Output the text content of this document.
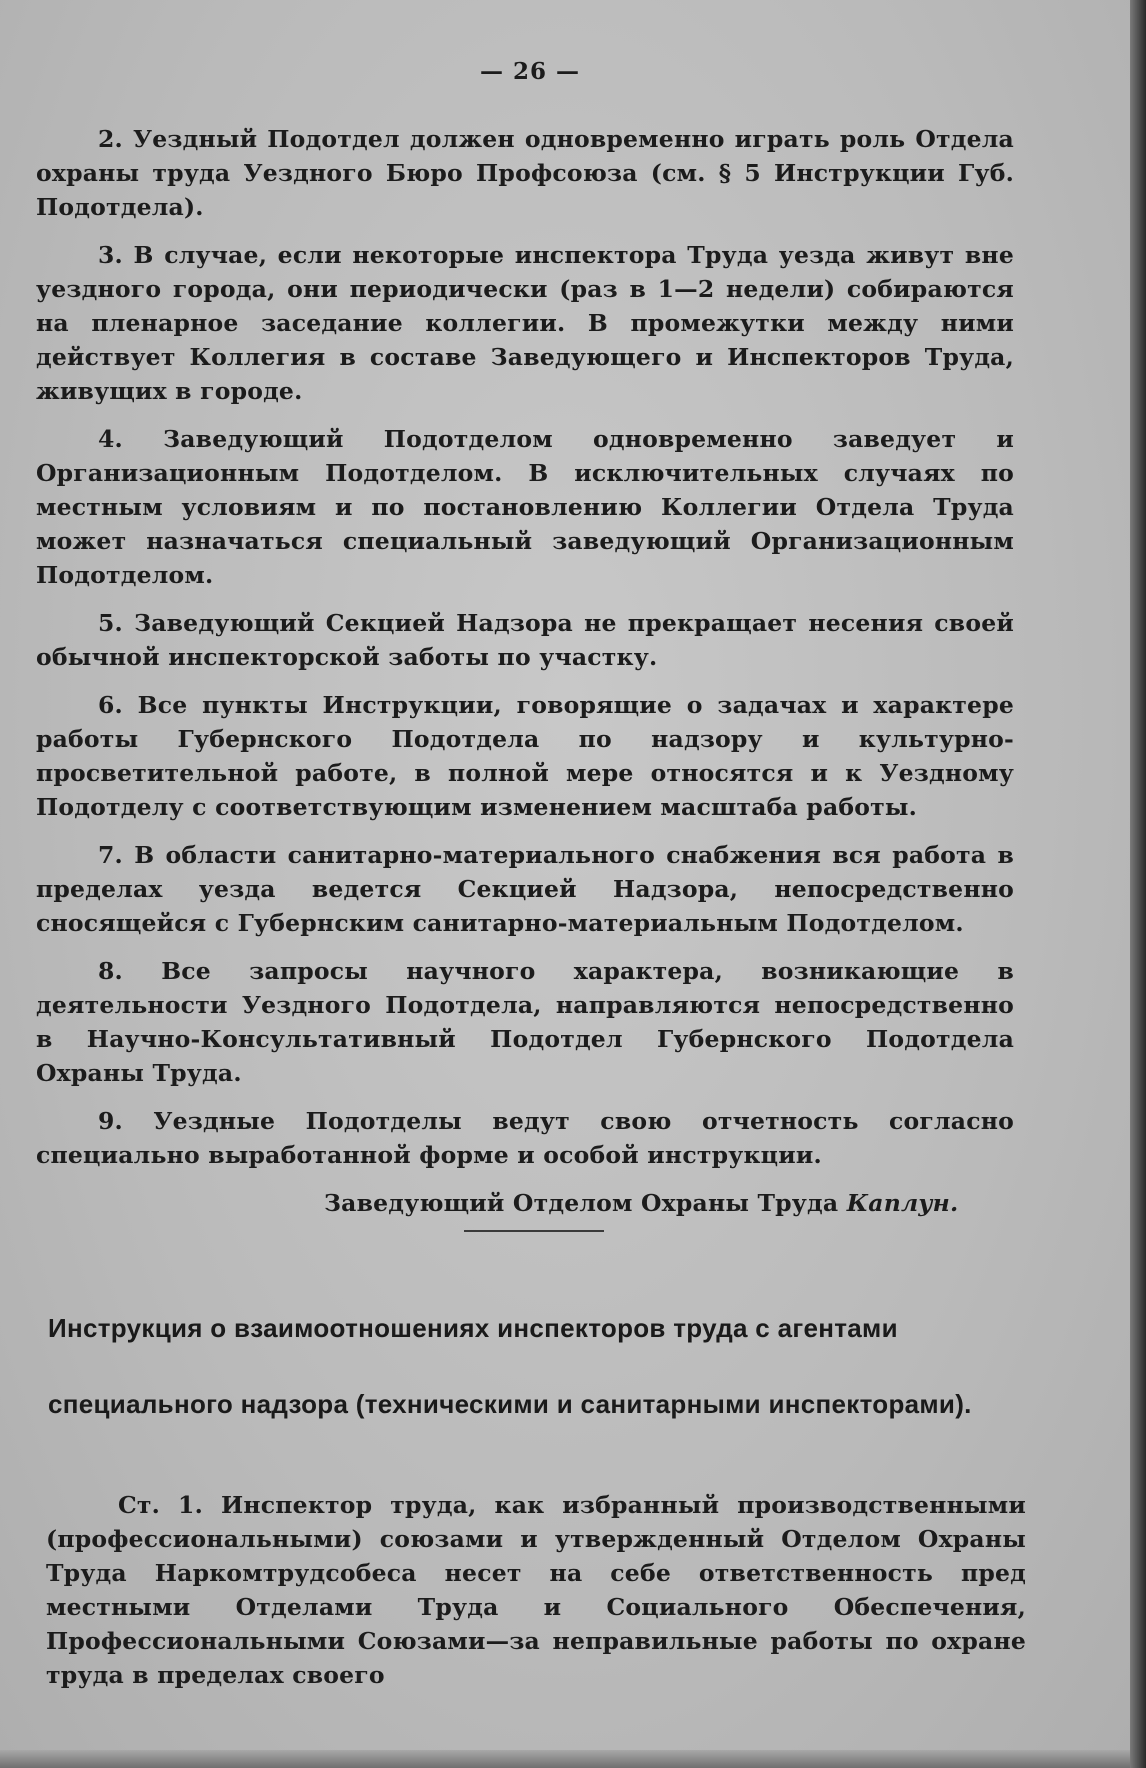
— 26 —

2. Уездный Подотдел должен одновременно играть роль Отдела охраны труда Уездного Бюро Профсоюза (см. § 5 Инструкции Губ. Подотдела).

3. В случае, если некоторые инспектора Труда уезда живут вне уездного города, они периодически (раз в 1—2 недели) собираются на пленарное заседание коллегии. В промежутки между ними действует Коллегия в составе Заведующего и Инспекторов Труда, живущих в городе.

4. Заведующий Подотделом одновременно заведует и Организационным Подотделом. В исключительных случаях по местным условиям и по постановлению Коллегии Отдела Труда может назначаться специальный заведующий Организационным Подотделом.

5. Заведующий Секцией Надзора не прекращает несения своей обычной инспекторской заботы по участку.

6. Все пункты Инструкции, говорящие о задачах и характере работы Губернского Подотдела по надзору и культурно-просветительной работе, в полной мере относятся и к Уездному Подотделу с соответствующим изменением масштаба работы.

7. В области санитарно-материального снабжения вся работа в пределах уезда ведется Секцией Надзора, непосредственно сносящейся с Губернским санитарно-материальным Подотделом.

8. Все запросы научного характера, возникающие в деятельности Уездного Подотдела, направляются непосредственно в Научно-Консультативный Подотдел Губернского Подотдела Охраны Труда.

9. Уездные Подотделы ведут свою отчетность согласно специально выработанной форме и особой инструкции.

Заведующий Отделом Охраны Труда Каплун.
Инструкция о взаимоотношениях инспекторов труда с агентами
специального надзора (техническими и санитарными инспекторами).

Ст. 1. Инспектор труда, как избранный производственными (профессиональными) союзами и утвержденный Отделом Охраны Труда Наркомтрудсобеса несет на себе ответственность пред местными Отделами Труда и Социального Обеспечения, Профессиональными Союзами—за неправильные работы по охране труда в пределах своего
